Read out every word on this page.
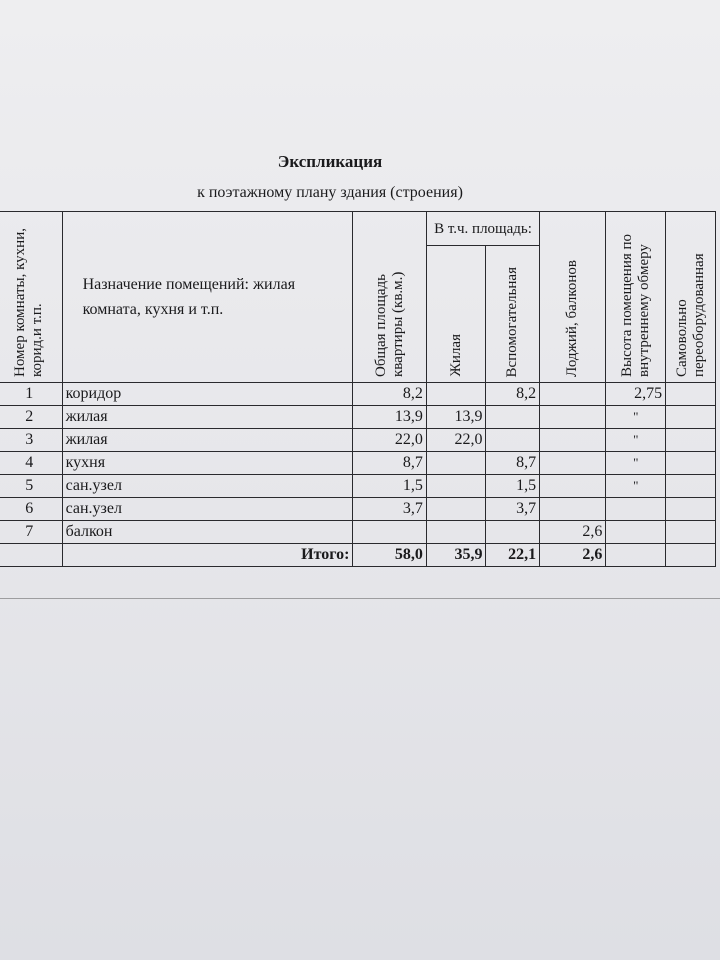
Экспликация
к поэтажному плану здания (строения)
Номер комнаты, кухни, корид.и т.п.	Назначение помещений: жилая комната, кухня и т.п.	Общая площадь квартиры (кв.м.)	В т.ч. площадь:		Лоджий, балконов	Высота помещения по внутреннему обмеру	Самовольно переоборудованная
			Жилая	Вспомогательная			
1	коридор	8,2		8,2		2,75	
2	жилая	13,9	13,9			"	
3	жилая	22,0	22,0			"	
4	кухня	8,7		8,7		"	
5	сан.узел	1,5		1,5		"	
6	сан.узел	3,7		3,7			
7	балкон				2,6		
	Итого:	58,0	35,9	22,1	2,6		
